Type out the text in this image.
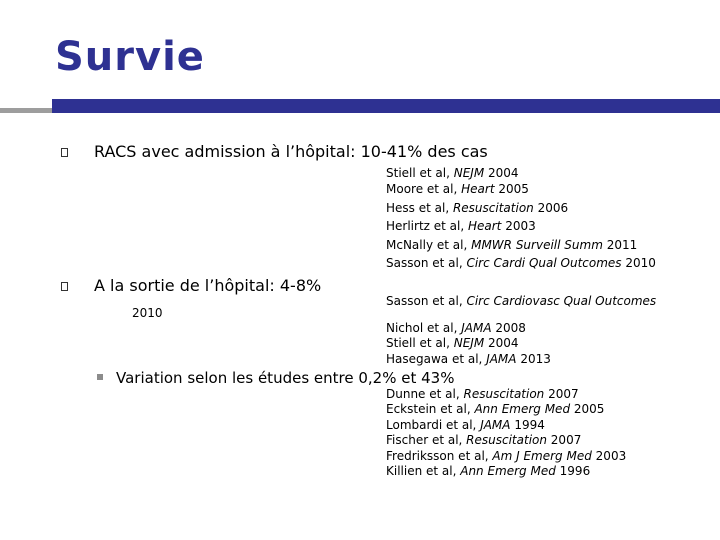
Survie
RACS avec admission à l’hôpital: 10-41% des cas
Stiell et al, NEJM 2004
Moore et al, Heart 2005
Hess et al, Resuscitation 2006
Herlirtz et al, Heart 2003
McNally et al, MMWR Surveill Summ 2011
Sasson et al, Circ Cardi Qual Outcomes 2010
A la sortie de l’hôpital: 4-8%
2010
Sasson et al, Circ Cardiovasc Qual Outcomes
Nichol et al, JAMA 2008
Stiell et al, NEJM 2004
Hasegawa et al, JAMA 2013
Variation selon les études entre 0,2% et 43%
Dunne et al, Resuscitation 2007
Eckstein et al, Ann Emerg Med 2005
Lombardi et al, JAMA 1994
Fischer et al, Resuscitation 2007
Fredriksson et al, Am J Emerg Med 2003
Killien et al, Ann Emerg Med 1996
